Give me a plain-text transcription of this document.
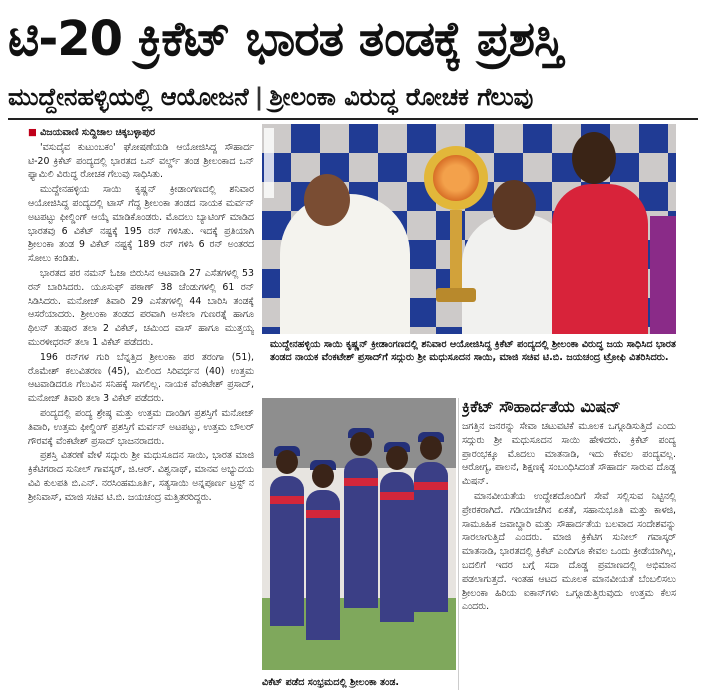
ಟಿ-20 ಕ್ರಿಕೆಟ್ ಭಾರತ ತಂಡಕ್ಕೆ ಪ್ರಶಸ್ತಿ
ಮುದ್ದೇನಹಳ್ಳಿಯಲ್ಲಿ ಆಯೋಜನೆ | ಶ್ರೀಲಂಕಾ ವಿರುದ್ಧ ರೋಚಕ ಗೆಲುವು

■ ವಿಜಯವಾಣಿ ಸುದ್ದಿಜಾಲ ಚಿಕ್ಕಬಳ್ಳಾಪುರ

'ವಸುದೈವ ಕುಟುಂಬಕಂ' ಘೋಷಣೆಯಡಿ ಆಯೋಜಿಸಿದ್ದ ಸೌಹಾರ್ದ ಟಿ-20 ಕ್ರಿಕೆಟ್ ಪಂದ್ಯದಲ್ಲಿ ಭಾರತದ ಒನ್ ವರ್ಲ್ಡ್ ತಂಡ ಶ್ರೀಲಂಕಾದ ಒನ್ ಫ್ಯಾಮಿಲಿ ವಿರುದ್ಧ ರೋಚಕ ಗೆಲುವು ಸಾಧಿಸಿತು.

ಮುದ್ದೇನಹಳ್ಳಿಯ ಸಾಯಿ ಕೃಷ್ಣನ್ ಕ್ರೀಡಾಂಗಣದಲ್ಲಿ ಶನಿವಾರ ಆಯೋಜಿಸಿದ್ದ ಪಂದ್ಯದಲ್ಲಿ ಟಾಸ್ ಗೆದ್ದ ಶ್ರೀಲಂಕಾ ತಂಡದ ನಾಯಕ ಮರ್ವನ್ ಅಟಪಟ್ಟು ಫೀಲ್ಡಿಂಗ್ ಆಯ್ಕೆ ಮಾಡಿಕೊಂಡರು. ಮೊದಲು ಬ್ಯಾಟಿಂಗ್ ಮಾಡಿದ ಭಾರತವು 6 ವಿಕೆಟ್ ನಷ್ಟಕ್ಕೆ 195 ರನ್ ಗಳಿಸಿತು. ಇದಕ್ಕೆ ಪ್ರತಿಯಾಗಿ ಶ್ರೀಲಂಕಾ ತಂಡ 9 ವಿಕೆಟ್ ನಷ್ಟಕ್ಕೆ 189 ರನ್ ಗಳಿಸಿ 6 ರನ್ ಅಂತರದ ಸೋಲು ಕಂಡಿತು.

ಭಾರತದ ಪರ ನಮನ್ ಓಜಾ ಬಿರುಸಿನ ಆಟವಾಡಿ 27 ಎಸೆತಗಳಲ್ಲಿ 53 ರನ್ ಬಾರಿಸಿದರು. ಯೂಸುಫ್ ಪಠಾಣ್ 38 ಚೆಂಡುಗಳಲ್ಲಿ 61 ರನ್ ಸಿಡಿಸಿದರು. ಮನೋಜ್ ತಿವಾರಿ 29 ಎಸೆತಗಳಲ್ಲಿ 44 ಬಾರಿಸಿ ತಂಡಕ್ಕೆ ಆಸರೆಯಾದರು. ಶ್ರೀಲಂಕಾ ತಂಡದ ಪರವಾಗಿ ಅಸೇಲಾ ಗುಣರತ್ನೆ ಹಾಗೂ ಥಿಲನ್ ತುಷಾರ ತಲಾ 2 ವಿಕೆಟ್, ಚಮಿಂದ ವಾಸ್ ಹಾಗೂ ಮುತ್ತಯ್ಯ ಮುರಳೀಧರನ್ ತಲಾ 1 ವಿಕೆಟ್ ಪಡೆದರು.

196 ರನ್‌ಗಳ ಗುರಿ ಬೆನ್ನತ್ತಿದ ಶ್ರೀಲಂಕಾ ಪರ ತರಂಗಾ (51), ರೊಮೇಶ್ ಕಲುವಿತರಣ (45), ಮಿಲಿಂದ ಸಿರಿವರ್ಧನ (40) ಉತ್ತಮ ಆಟವಾಡಿದರೂ ಗೆಲುವಿನ ಸನಿಹಕ್ಕೆ ಸಾಗಲಿಲ್ಲ. ನಾಯಕ ವೆಂಕಟೇಶ್ ಪ್ರಸಾದ್, ಮನೋಜ್ ತಿವಾರಿ ತಲಾ 3 ವಿಕೆಟ್ ಪಡೆದರು.

ಪಂದ್ಯದಲ್ಲಿ ಪಂದ್ಯ ಶ್ರೇಷ್ಠ ಮತ್ತು ಉತ್ತಮ ದಾಂಡಿಗ ಪ್ರಶಸ್ತಿಗೆ ಮನೋಜ್ ತಿವಾರಿ, ಉತ್ತಮ ಫೀಲ್ಡಿಂಗ್ ಪ್ರಶಸ್ತಿಗೆ ಮರ್ವನ್ ಅಟಪಟ್ಟು, ಉತ್ತಮ ಬೌಲರ್ ಗೌರವಕ್ಕೆ ವೆಂಕಟೇಶ್ ಪ್ರಸಾದ್ ಭಾಜನರಾದರು.

ಪ್ರಶಸ್ತಿ ವಿತರಣೆ ವೇಳೆ ಸದ್ಗುರು ಶ್ರೀ ಮಧುಸೂದನ ಸಾಯಿ, ಭಾರತ ಮಾಜಿ ಕ್ರಿಕೆಟಿಗರಾದ ಸುನೀಲ್ ಗಾವಸ್ಕರ್, ಜಿ.ಆರ್. ವಿಶ್ವನಾಥ್, ಮಾನವ ಅಭ್ಯುದಯ ವಿವಿ ಕುಲಪತಿ ಬಿ.ಎನ್. ನರಸಿಂಹಮೂರ್ತಿ, ಸತ್ಯಸಾಯಿ ಅನ್ನಪೂರ್ಣ ಟ್ರಸ್ಟ್ ನ ಶ್ರೀನಿವಾಸ್, ಮಾಜಿ ಸಚಿವ ಟಿ.ಬಿ. ಜಯಚಂದ್ರ ಮತ್ತಿತರರಿದ್ದರು.

ಮುದ್ದೇನಹಳ್ಳಿಯ ಸಾಯಿ ಕೃಷ್ಣನ್ ಕ್ರೀಡಾಂಗಣದಲ್ಲಿ ಶನಿವಾರ ಆಯೋಜಿಸಿದ್ದ ಕ್ರಿಕೆಟ್ ಪಂದ್ಯದಲ್ಲಿ ಶ್ರೀಲಂಕಾ ವಿರುದ್ಧ ಜಯ ಸಾಧಿಸಿದ ಭಾರತ ತಂಡದ ನಾಯಕ ವೆಂಕಟೇಶ್ ಪ್ರಸಾದ್‌ಗೆ ಸದ್ಗುರು ಶ್ರೀ ಮಧುಸೂದನ ಸಾಯಿ, ಮಾಜಿ ಸಚಿವ ಟಿ.ಬಿ. ಜಯಚಂದ್ರ ಟ್ರೋಫಿ ವಿತರಿಸಿದರು.
ವಿಕೆಟ್ ಪಡೆದ ಸಂಭ್ರಮದಲ್ಲಿ ಶ್ರೀಲಂಕಾ ತಂಡ.
ಕ್ರಿಕೆಟ್ ಸೌಹಾರ್ದತೆಯ ಮಿಷನ್

ಜಗತ್ತಿನ ಜನರನ್ನು ಸೇವಾ ಚಟುವಟಿಕೆ ಮೂಲಕ ಒಗ್ಗೂಡಿಸುತ್ತಿದೆ ಎಂದು ಸದ್ಗುರು ಶ್ರೀ ಮಧುಸೂದನ ಸಾಯಿ ಹೇಳಿದರು. ಕ್ರಿಕೆಟ್ ಪಂದ್ಯ ಪ್ರಾರಂಭಕ್ಕೂ ಮೊದಲು ಮಾತನಾಡಿ, ಇದು ಕೇವಲ ಪಂದ್ಯವಲ್ಲ. ಆರೋಗ್ಯ, ಪಾಲನೆ, ಶಿಕ್ಷಣಕ್ಕೆ ಸಂಬಂಧಿಸಿದಂತೆ ಸೌಹಾರ್ದ ಸಾರುವ ದೊಡ್ಡ ಮಿಷನ್.

ಮಾನವೀಯತೆಯ ಉದ್ದೇಶದೊಂದಿಗೆ ಸೇವೆ ಸಲ್ಲಿಸುವ ನಿಟ್ಟಿನಲ್ಲಿ ಪ್ರೇರಕರಾಗಿದೆ. ಗಡಿಯಾಚೆಗಿನ ಏಕತೆ, ಸಹಾನುಭೂತಿ ಮತ್ತು ಕಾಳಜಿ, ಸಾಮೂಹಿಕ ಜವಾಬ್ದಾರಿ ಮತ್ತು ಸೌಹಾರ್ದತೆಯ ಬಲವಾದ ಸಂದೇಶವನ್ನು ಸಾರಲಾಗುತ್ತಿದೆ ಎಂದರು. ಮಾಜಿ ಕ್ರಿಕೆಟಿಗ ಸುನೀಲ್ ಗವಾಸ್ಕರ್ ಮಾತನಾಡಿ, ಭಾರತದಲ್ಲಿ ಕ್ರಿಕೆಟ್ ಎಂದಿಗೂ ಕೇವಲ ಒಂದು ಕ್ರೀಡೆಯಾಗಿಲ್ಲ, ಬದಲಿಗೆ ಇದರ ಬಗ್ಗೆ ಸದಾ ದೊಡ್ಡ ಪ್ರಮಾಣದಲ್ಲಿ ಅಭಿಮಾನ ಪಡಲಾಗುತ್ತದೆ. ಇಂತಹ ಆಟದ ಮೂಲಕ ಮಾನವೀಯತೆ ಬೆಂಬಲಿಸಲು ಶ್ರೀಲಂಕಾ ಹಿರಿಯ ಐಕಾನ್‌ಗಳು ಒಗ್ಗೂಡುತ್ತಿರುವುದು ಉತ್ತಮ ಕೆಲಸ ಎಂದರು.
